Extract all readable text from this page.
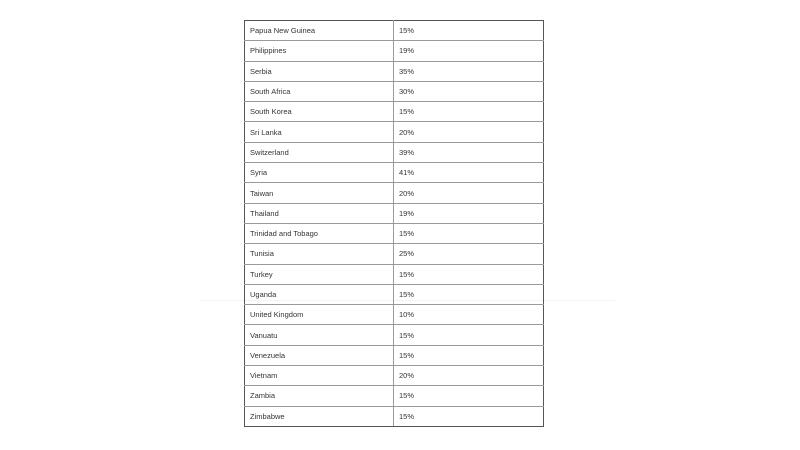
Papua New Guinea	15%
Philippines	19%
Serbia	35%
South Africa	30%
South Korea	15%
Sri Lanka	20%
Switzerland	39%
Syria	41%
Taiwan	20%
Thailand	19%
Trinidad and Tobago	15%
Tunisia	25%
Turkey	15%
Uganda	15%
United Kingdom	10%
Vanuatu	15%
Venezuela	15%
Vietnam	20%
Zambia	15%
Zimbabwe	15%
